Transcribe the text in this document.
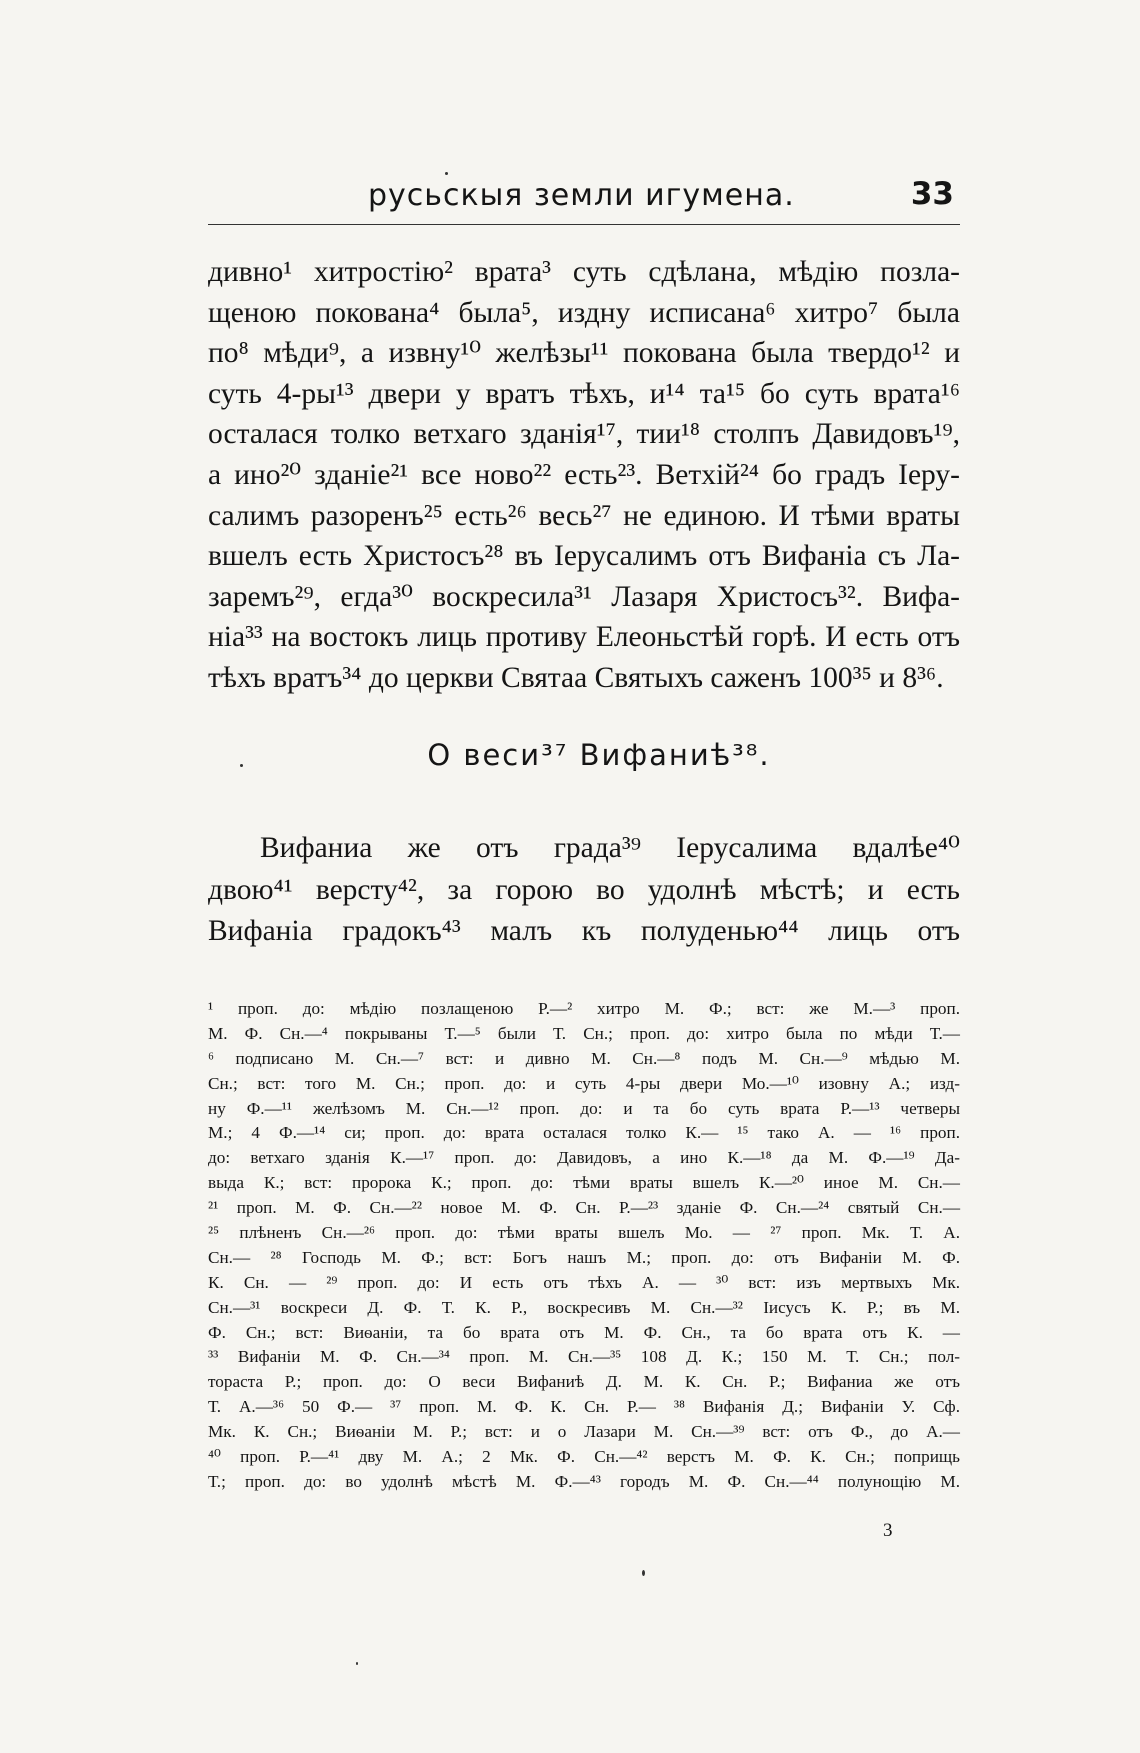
русьскыя земли игумена.	33
дивно¹ хитростію² врата³ суть сдѣлана, мѣдію позла-
щеною покована⁴ была⁵, издну исписана⁶ хитро⁷ была
по⁸ мѣди⁹, а извну¹⁰ желѣзы¹¹ покована была твердо¹² и
суть 4-ры¹³ двери у вратъ тѣхъ, и¹⁴ та¹⁵ бо суть врата¹⁶
осталася толко ветхаго зданія¹⁷, тии¹⁸ столпъ Давидовъ¹⁹,
а ино²⁰ зданіе²¹ все ново²² есть²³. Ветхій²⁴ бо градъ Іеру-
салимъ разоренъ²⁵ есть²⁶ весь²⁷ не единою. И тѣми враты
вшелъ есть Христосъ²⁸ въ Іерусалимъ отъ Вифаніа съ Ла-
заремъ²⁹, егда³⁰ воскресила³¹ Лазаря Христосъ³². Вифа-
ніа³³ на востокъ лиць противу Елеоньстѣй горѣ. И есть отъ
тѣхъ вратъ³⁴ до церкви Святаа Святыхъ саженъ 100³⁵ и 8³⁶.
О веси³⁷ Вифаниѣ³⁸.
Вифаниа же отъ града³⁹ Іерусалима вдалѣе⁴⁰
двою⁴¹ версту⁴², за горою во удолнѣ мѣстѣ; и есть
Вифаніа градокъ⁴³ малъ къ полуденью⁴⁴ лиць отъ
¹ проп. до: мѣдію позлащеною Р.—² хитро М. Ф.; вст: же М.—³ проп.
М. Ф. Сн.—⁴ покрываны Т.—⁵ были Т. Сн.; проп. до: хитро была по мѣди Т.—
⁶ подписано М. Сн.—⁷ вст: и дивно М. Сн.—⁸ подъ М. Сн.—⁹ мѣдью М.
Сн.; вст: того М. Сн.; проп. до: и суть 4-ры двери Мо.—¹⁰ изовну А.; изд-
ну Ф.—¹¹ желѣзомъ М. Сн.—¹² проп. до: и та бо суть врата Р.—¹³ четверы
М.; 4 Ф.—¹⁴ си; проп. до: врата осталася толко К.— ¹⁵ тако А. — ¹⁶ проп.
до: ветхаго зданія К.—¹⁷ проп. до: Давидовъ, а ино К.—¹⁸ да М. Ф.—¹⁹ Да-
выда К.; вст: пророка К.; проп. до: тѣми враты вшелъ К.—²⁰ иное М. Сн.—
²¹ проп. М. Ф. Сн.—²² новое М. Ф. Сн. Р.—²³ зданіе Ф. Сн.—²⁴ святый Сн.—
²⁵ плѣненъ Сн.—²⁶ проп. до: тѣми враты вшелъ Мо. — ²⁷ проп. Мк. Т. А.
Сн.— ²⁸ Господь М. Ф.; вст: Богъ нашъ М.; проп. до: отъ Вифаніи М. Ф.
К. Сн. — ²⁹ проп. до: И есть отъ тѣхъ А. — ³⁰ вст: изъ мертвыхъ Мк.
Сн.—³¹ воскреси Д. Ф. Т. К. Р., воскресивъ М. Сн.—³² Іисусъ К. Р.; въ М.
Ф. Сн.; вст: Виѳаніи, та бо врата отъ М. Ф. Сн., та бо врата отъ К. —
³³ Вифаніи М. Ф. Сн.—³⁴ проп. М. Сн.—³⁵ 108 Д. К.; 150 М. Т. Сн.; пол-
тораста Р.; проп. до: О веси Вифаниѣ Д. М. К. Сн. Р.; Вифаниа же отъ
Т. А.—³⁶ 50 Ф.— ³⁷ проп. М. Ф. К. Сн. Р.— ³⁸ Вифанія Д.; Вифаніи У. Сф.
Мк. К. Сн.; Виѳаніи М. Р.; вст: и о Лазари М. Сн.—³⁹ вст: отъ Ф., до А.—
⁴⁰ проп. Р.—⁴¹ дву М. А.; 2 Мк. Ф. Сн.—⁴² верстъ М. Ф. К. Сн.; поприщь
Т.; проп. до: во удолнѣ мѣстѣ М. Ф.—⁴³ городъ М. Ф. Сн.—⁴⁴ полунощію М.
3
